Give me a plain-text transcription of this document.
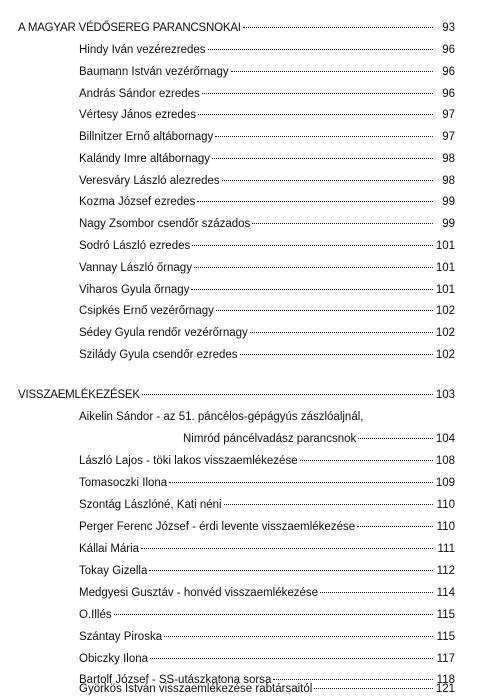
A MAGYAR VÉDŐSEREG PARANCSNOKAI	93
Hindy Iván vezérezredes	96
Baumann István vezérőrnagy	96
András Sándor ezredes	96
Vértesy János ezredes	97
Billnitzer Ernő altábornagy	97
Kalándy Imre altábornagy	98
Veresváry László alezredes	98
Kozma József ezredes	99
Nagy Zsombor csendőr százados	99
Sodró László ezredes	101
Vannay László őrnagy	101
Viharos Gyula őrnagy	101
Csipkés Ernő vezérőrnagy	102
Sédey Gyula rendőr vezérőrnagy	102
Szilády Gyula csendőr ezredes	102
VISSZAEMLÉKEZÉSEK	103
Aikelin Sándor - az 51. páncélos-gépágyús zászlóaljnál,
Nimród páncélvadász parancsnok	104
László Lajos - töki lakos visszaemlékezése	108
Tomasoczki Ilona	109
Szontág Lászlóné, Kati néni	110
Perger Ferenc József - érdi levente visszaemlékezése	110
Kállai Mária	111
Tokay Gizella	112
Medgyesi Gusztáv - honvéd visszaemlékezése	114
O.Illés	115
Szántay Piroska	115
Obiczky Ilona	117
Bartolf József - SS-utászkatona sorsa	118
Györkös István visszaemlékezése rabtársaitól	121
